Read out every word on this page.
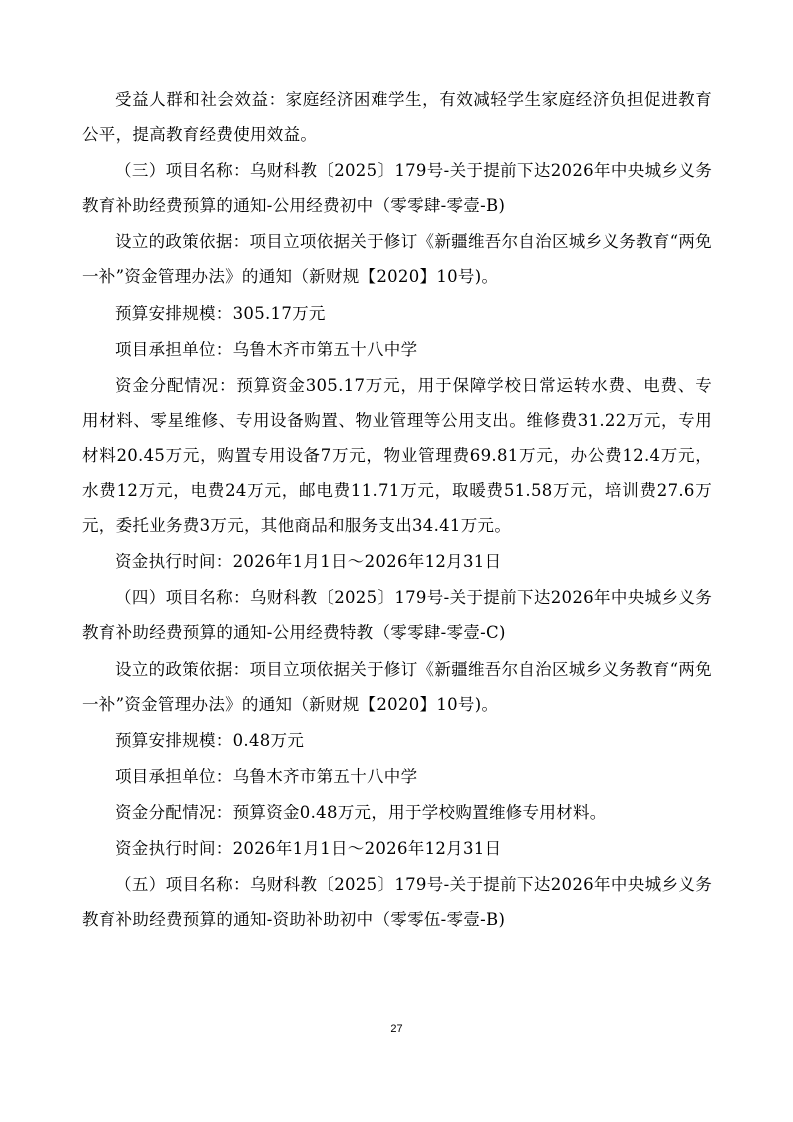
受益人群和社会效益：家庭经济困难学生，有效减轻学生家庭经济负担促进教育公平，提高教育经费使用效益。

（三）项目名称：乌财科教〔2025〕179号-关于提前下达2026年中央城乡义务教育补助经费预算的通知-公用经费初中（零零肆-零壹-B)

设立的政策依据：项目立项依据关于修订《新疆维吾尔自治区城乡义务教育“两免一补”资金管理办法》的通知（新财规【2020】10号)。

预算安排规模：305.17万元

项目承担单位：乌鲁木齐市第五十八中学

资金分配情况：预算资金305.17万元，用于保障学校日常运转水费、电费、专用材料、零星维修、专用设备购置、物业管理等公用支出。维修费31.22万元，专用材料20.45万元，购置专用设备7万元，物业管理费69.81万元，办公费12.4万元，水费12万元，电费24万元，邮电费11.71万元，取暖费51.58万元，培训费27.6万元，委托业务费3万元，其他商品和服务支出34.41万元。

资金执行时间：2026年1月1日～2026年12月31日

（四）项目名称：乌财科教〔2025〕179号-关于提前下达2026年中央城乡义务教育补助经费预算的通知-公用经费特教（零零肆-零壹-C)

设立的政策依据：项目立项依据关于修订《新疆维吾尔自治区城乡义务教育“两免一补”资金管理办法》的通知（新财规【2020】10号)。

预算安排规模：0.48万元

项目承担单位：乌鲁木齐市第五十八中学

资金分配情况：预算资金0.48万元，用于学校购置维修专用材料。

资金执行时间：2026年1月1日～2026年12月31日

（五）项目名称：乌财科教〔2025〕179号-关于提前下达2026年中央城乡义务教育补助经费预算的通知-资助补助初中（零零伍-零壹-B)

27
